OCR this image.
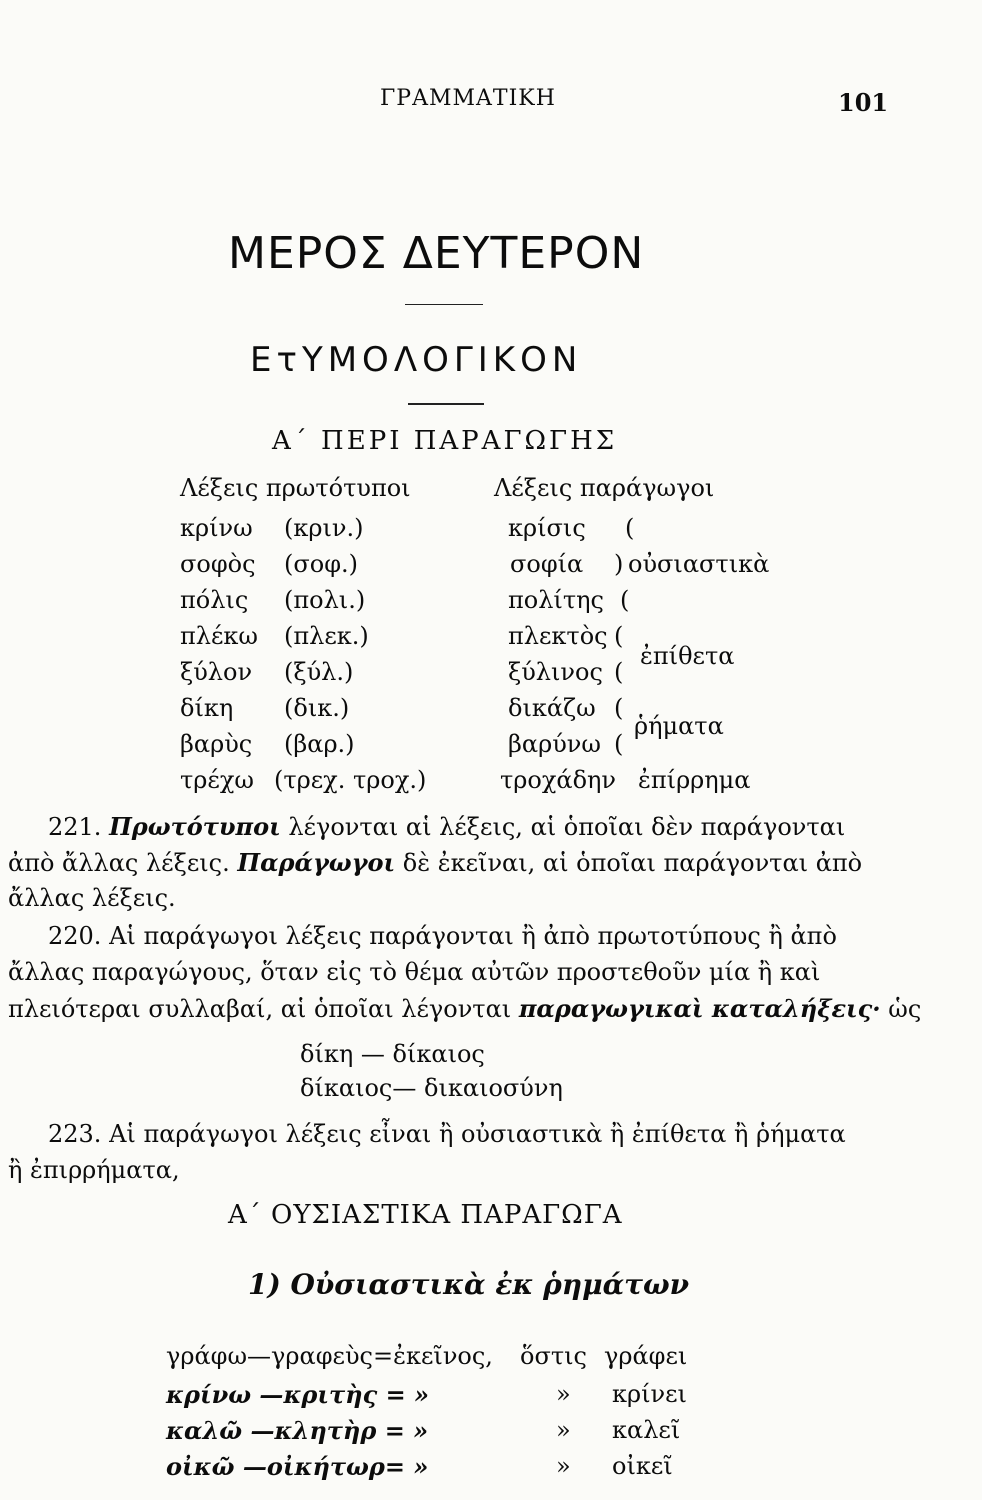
ΓΡΑΜΜΑΤΙΚΗ	101
ΜΕΡΟΣ ΔΕΥΤΕΡΟΝ
ΕτΥΜΟΛΟΓΙΚΟΝ
Α΄ ΠΕΡΙ ΠΑΡΑΓΩΓΗΣ
Λέξεις πρωτότυποι	Λέξεις παράγωγοι
κρίνω (κριν.)	κρίσις (
σοφὸς (σοφ.)	σοφία ) οὐσιαστικὰ
πόλις (πολι.)	πολίτης (
πλέκω (πλεκ.)	πλεκτὸς (
ἐπίθετα
ξύλον (ξύλ.)	ξύλινος (
δίκη (δικ.)	δικάζω (
ῥήματα
βαρὺς (βαρ.)	βαρύνω (
τρέχω (τρεχ. τροχ.)	τροχάδην ἐπίρρημα
221. Πρωτότυποι λέγονται αἱ λέξεις, αἱ ὁποῖαι δὲν παράγονται
ἀπὸ ἄλλας λέξεις. Παράγωγοι δὲ ἐκεῖναι, αἱ ὁποῖαι παράγονται ἀπὸ
ἄλλας λέξεις.
220. Αἱ παράγωγοι λέξεις παράγονται ἢ ἀπὸ πρωτοτύπους ἢ ἀπὸ
ἄλλας παραγώγους, ὅταν εἰς τὸ θέμα αὐτῶν προστεθοῦν μία ἢ καὶ
πλειότεραι συλλαβαί, αἱ ὁποῖαι λέγονται παραγωγικαὶ καταλήξεις· ὡς
δίκη — δίκαιος
δίκαιος— δικαιοσύνη
223. Αἱ παράγωγοι λέξεις εἶναι ἢ οὐσιαστικὰ ἢ ἐπίθετα ἢ ῥήματα
ἢ ἐπιρρήματα,
Α΄ ΟΥΣΙΑΣΤΙΚΑ ΠΑΡΑΓΩΓΑ
1) Οὐσιαστικὰ ἐκ ῥημάτων
γράφω—γραφεὺς=ἐκεῖνος, ὅστις γράφει
κρίνω —κριτὴς = »	» κρίνει
καλῶ —κλητὴρ = »	» καλεῖ
οἰκῶ —οἰκήτωρ= »	» οἰκεῖ
